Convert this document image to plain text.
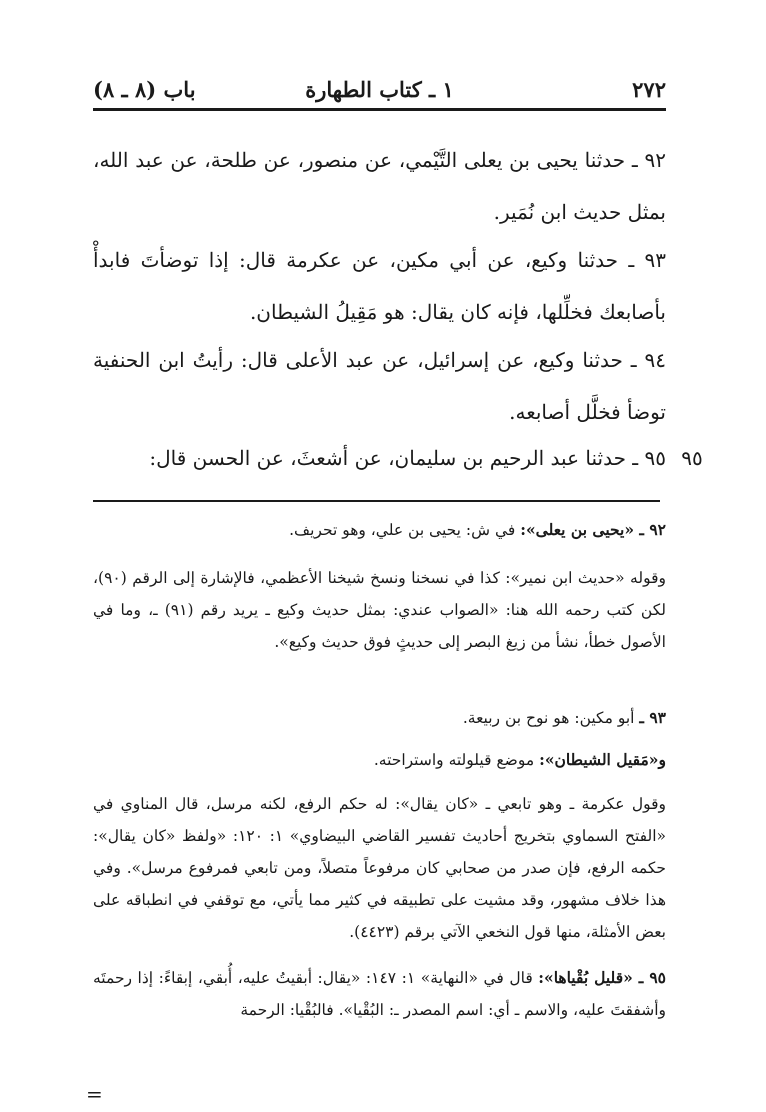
٢٧٢
١ ـ كتاب الطهارة
باب (٨ ـ ٨)
٩٢ ـ حدثنا يحيى بن يعلى التَّيْمي، عن منصور، عن طلحة، عن عبد الله، بمثل حديث ابن نُمَير.
٩٣ ـ حدثنا وكيع، عن أبي مكين، عن عكرمة قال: إذا توضأتَ فابدأْ بأصابعك فخلِّلها، فإنه كان يقال: هو مَقِيلُ الشيطان.
٩٤ ـ حدثنا وكيع، عن إسرائيل، عن عبد الأعلى قال: رأيتُ ابن الحنفية توضأ فخلَّل أصابعه.
٩٥ ـ حدثنا عبد الرحيم بن سليمان، عن أشعثَ، عن الحسن قال:	٩٥
٩٢ ـ «يحيى بن يعلى»: في ش: يحيى بن علي، وهو تحريف.
وقوله «حديث ابن نمير»: كذا في نسخنا ونسخ شيخنا الأعظمي، فالإشارة إلى الرقم (٩٠)، لكن كتب رحمه الله هنا: «الصواب عندي: بمثل حديث وكيع ـ يريد رقم (٩١) ـ، وما في الأصول خطأ، نشأ من زيغ البصر إلى حديثٍ فوق حديث وكيع».
٩٣ ـ أبو مكين: هو نوح بن ربيعة.
و«مَقيل الشيطان»: موضع قيلولته واستراحته.
وقول عكرمة ـ وهو تابعي ـ «كان يقال»: له حكم الرفع، لكنه مرسل، قال المناوي في «الفتح السماوي بتخريج أحاديث تفسير القاضي البيضاوي» ١: ١٢٠: «ولفظ «كان يقال»: حكمه الرفع، فإن صدر من صحابي كان مرفوعاً متصلاً، ومن تابعي فمرفوع مرسل». وفي هذا خلاف مشهور، وقد مشيت على تطبيقه في كثير مما يأتي، مع توقفي في انطباقه على بعض الأمثلة، منها قول النخعي الآتي برقم (٤٤٢٣).
٩٥ ـ «قليل بُقْياها»: قال في «النهاية» ١: ١٤٧: «يقال: أبقيتُ عليه، أُبقي، إبقاءً: إذا رحمتَه وأشفقتَ عليه، والاسم ـ أي: اسم المصدر ـ: البُقْيا». فالبُقْيا: الرحمة
=
